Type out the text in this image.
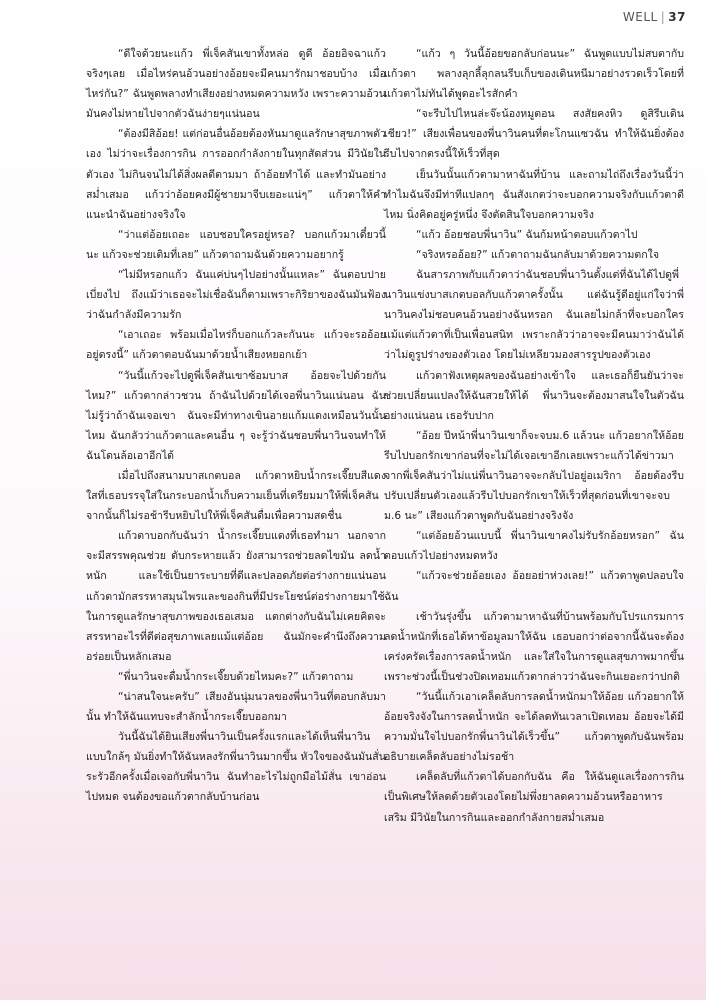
WELL | 37

“ดีใจด้วยนะแก้ว พี่เจ็คสันเขาทั้งหล่อ ดูดี อ้อยอิจฉาแก้วจริงๆเลย เมื่อไหร่คนอ้วนอย่างอ้อยจะมีคนมารักมาชอบบ้าง เมื่อไหร่กัน?” ฉันพูดพลางทำเสียงอย่างหมดความหวัง เพราะความอ้วนมันคงไม่หายไปจากตัวฉันง่ายๆแน่นอน

“ต้องมีสิอ้อย! แต่ก่อนอื่นอ้อยต้องหันมาดูแลรักษาสุขภาพตัวเอง ไม่ว่าจะเรื่องการกิน การออกกำลังกายในทุกสัดส่วน มีวินัยในตัวเอง ไม่กินจนไม่ได้สิ่งผลดีตามมา ถ้าอ้อยทำได้ และทำมันอย่างสม่ำเสมอ แก้วว่าอ้อยคงมีผู้ชายมาจีบเยอะแน่ๆ” แก้วตาให้คำแนะนำฉันอย่างจริงใจ

“ว่าแต่อ้อยเถอะ แอบชอบใครอยู่หรอ? บอกแก้วมาเดี๋ยวนี้นะ แก้วจะช่วยเติมที่เลย” แก้วตาถามฉันด้วยความอยากรู้

“ไม่มีหรอกแก้ว ฉันแค่บ่นๆไปอย่างนั้นแหละ” ฉันตอบปายเบี่ยงไป ถึงแม้ว่าเธอจะไม่เชื่อฉันก็ตามเพราะกิริยาของฉันมันฟ้องว่าฉันกำลังมีความรัก

“เอาเถอะ พร้อมเมื่อไหร่ก็บอกแก้วละกันนะ แก้วจะรออ้อยอยู่ตรงนี้” แก้วตาตอบฉันมาด้วยน้ำเสียงหยอกเย้า

“วันนี้แก้วจะไปดูพี่เจ็คสันเขาซ้อมบาส อ้อยจะไปด้วยกันไหม?” แก้วตากล่าวชวน ถ้าฉันไปด้วยได้เจอพี่นาวินแน่นอน ฉันไม่รู้ว่าถ้าฉันเจอเขา ฉันจะมีท่าทางเขินอายแก้มแดงเหมือนวันนั้นไหม ฉันกลัวว่าแก้วตาและคนอื่น ๆ จะรู้ว่าฉันชอบพี่นาวินจนทำให้ฉันโดนล้อเอาอีกได้

เมื่อไปถึงสนามบาสเกตบอล แก้วตาหยิบน้ำกระเจี๊ยบสีแดงใสที่เธอบรรจุใส่ในกระบอกน้ำเก็บความเย็นที่เตรียมมาให้พี่เจ็คสัน จากนั้นก็ไม่รอช้ารีบหยิบไปให้พี่เจ็คสันดื่มเพื่อความสดชื่น

แก้วตาบอกกับฉันว่า น้ำกระเจี๊ยบแดงที่เธอทำมา นอกจากจะมีสรรพคุณช่วย ดับกระหายแล้ว ยังสามารถช่วยลดไขมัน ลดน้ำหนัก และใช้เป็นยาระบายที่ดีและปลอดภัยต่อร่างกายแน่นอน แก้วตามักสรรหาสมุนไพรและของกินที่มีประโยชน์ต่อร่างกายมาใช้ในการดูแลรักษาสุขภาพของเธอเสมอ แตกต่างกับฉันไม่เคยคิดจะสรรหาอะไรที่ดีต่อสุขภาพเลยแม้แต่อ้อย ฉันมักจะคำนึงถึงความอร่อยเป็นหลักเสมอ

“พี่นาวินจะดื่มน้ำกระเจี๊ยบด้วยไหมคะ?” แก้วตาถาม

“น่าสนใจนะครับ” เสียงอันนุ่มนวลของพี่นาวินที่ตอบกลับมานั้น ทำให้ฉันแทบจะสำลักน้ำกระเจี๊ยบออกมา

วันนี้ฉันได้ยินเสียงพี่นาวินเป็นครั้งแรกและได้เห็นพี่นาวินแบบใกล้ๆ มันยิ่งทำให้ฉันหลงรักพี่นาวินมากขึ้น หัวใจของฉันมันสั่นระรัวอีกครั้งเมื่อเจอกับพี่นาวิน ฉันทำอะไรไม่ถูกมือไม้สั่น เขาอ่อนไปหมด จนต้องขอแก้วตากลับบ้านก่อน

“แก้ว ๆ วันนี้อ้อยขอกลับก่อนนะ” ฉันพูดแบบไม่สบตากับแก้วตา พลางลุกลี้ลุกลนรีบเก็บของเดินหนีมาอย่างรวดเร็วโดยที่แก้วตาไม่ทันได้พูดอะไรสักคำ

“จะรีบไปไหนล่ะจ๊ะน้องหมูตอน สงสัยคงหิว ดูสิรีบเดินเชียว!” เสียงเพื่อนของพี่นาวินคนที่ตะโกนแซวฉัน ทำให้ฉันยิ่งต้องรีบไปจากตรงนี้ให้เร็วที่สุด

เย็นวันนั้นแก้วตามาหาฉันที่บ้าน และถามไถ่ถึงเรื่องวันนี้ว่าทำไมฉันจึงมีท่าทีแปลกๆ ฉันสังเกตว่าจะบอกความจริงกับแก้วตาดีไหม นิ่งคิดอยู่ครู่หนึ่ง จึงตัดสินใจบอกความจริง

“แก้ว อ้อยชอบพี่นาวิน” ฉันก้มหน้าตอบแก้วตาไป

“จริงหรออ้อย?” แก้วตาถามฉันกลับมาด้วยความตกใจ

ฉันสารภาพกับแก้วตาว่าฉันชอบพี่นาวินตั้งแต่ที่ฉันได้ไปดูพี่นาวินแข่งบาสเกตบอลกับแก้วตาครั้งนั้น แต่ฉันรู้ดีอยู่แก่ใจว่าพี่นาวินคงไม่ชอบคนอ้วนอย่างฉันหรอก ฉันเลยไม่กล้าที่จะบอกใครแม้แต่แก้วตาที่เป็นเพื่อนสนิท เพราะกลัวว่าอาจจะมีคนมาว่าฉันได้ว่าไม่ดูรูปร่างของตัวเอง โดยไม่เหลียวมองสารรูปของตัวเอง

แก้วตาฟังเหตุผลของฉันอย่างเข้าใจ และเธอก็ยืนยันว่าจะช่วยเปลี่ยนแปลงให้ฉันสวยให้ได้ พี่นาวินจะต้องมาสนใจในตัวฉันอย่างแน่นอน เธอรับปาก

“อ้อย ปีหน้าพี่นาวินเขาก็จะจบม.6 แล้วนะ แก้วอยากให้อ้อยรีบไปบอกรักเขาก่อนที่จะไม่ได้เจอเขาอีกเลยเพราะแก้วได้ข่าวมาจากพี่เจ็คสันว่าไม่แน่พี่นาวินอาจจะกลับไปอยู่อเมริกา อ้อยต้องรีบปรับเปลี่ยนตัวเองแล้วรีบไปบอกรักเขาให้เร็วที่สุดก่อนที่เขาจะจบ ม.6 นะ” เสียงแก้วตาพูดกับฉันอย่างจริงจัง

“แต่อ้อยอ้วนแบบนี้ พี่นาวินเขาคงไม่รับรักอ้อยหรอก” ฉันตอบแก้วไปอย่างหมดหวัง

“แก้วจะช่วยอ้อยเอง อ้อยอย่าห่วงเลย!” แก้วตาพูดปลอบใจฉัน

เช้าวันรุ่งขึ้น แก้วตามาหาฉันที่บ้านพร้อมกับโปรแกรมการลดน้ำหนักที่เธอได้หาข้อมูลมาให้ฉัน เธอบอกว่าต่อจากนี้ฉันจะต้องเคร่งครัดเรื่องการลดน้ำหนัก และใส่ใจในการดูแลสุขภาพมากขึ้น เพราะช่วงนี้เป็นช่วงปิดเทอมแก้วตากล่าวว่าฉันจะกินเยอะกว่าปกติ

“วันนี้แก้วเอาเคล็ดลับการลดน้ำหนักมาให้อ้อย แก้วอยากให้อ้อยจริงจังในการลดน้ำหนัก จะได้ลดทันเวลาเปิดเทอม อ้อยจะได้มีความมั่นใจไปบอกรักพี่นาวินได้เร็วขึ้น” แก้วตาพูดกับฉันพร้อมอธิบายเคล็ดลับอย่างไม่รอช้า

เคล็ดลับที่แก้วตาได้บอกกับฉัน คือ ให้ฉันดูแลเรื่องการกินเป็นพิเศษให้ลดด้วยตัวเองโดยไม่พึ่งยาลดความอ้วนหรืออาหารเสริม มีวินัยในการกินและออกกำลังกายสม่ำเสมอ
